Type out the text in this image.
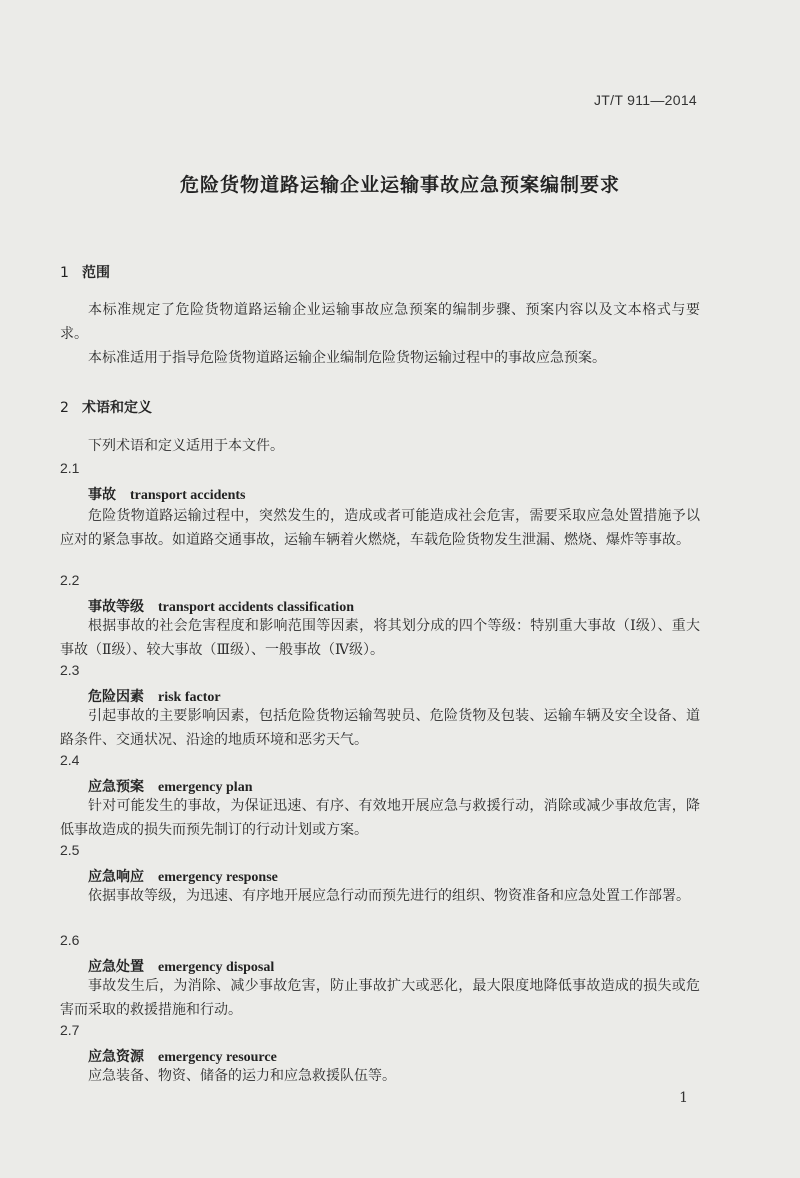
JT/T 911—2014
危险货物道路运输企业运输事故应急预案编制要求
1 范围

本标准规定了危险货物道路运输企业运输事故应急预案的编制步骤、预案内容以及文本格式与要求。

本标准适用于指导危险货物道路运输企业编制危险货物运输过程中的事故应急预案。

2 术语和定义

下列术语和定义适用于本文件。

2.1
事故 transport accidents

危险货物道路运输过程中，突然发生的，造成或者可能造成社会危害，需要采取应急处置措施予以应对的紧急事故。如道路交通事故，运输车辆着火燃烧，车载危险货物发生泄漏、燃烧、爆炸等事故。

2.2
事故等级 transport accidents classification

根据事故的社会危害程度和影响范围等因素，将其划分成的四个等级：特别重大事故（Ⅰ级）、重大事故（Ⅱ级）、较大事故（Ⅲ级）、一般事故（Ⅳ级）。

2.3
危险因素 risk factor

引起事故的主要影响因素，包括危险货物运输驾驶员、危险货物及包装、运输车辆及安全设备、道路条件、交通状况、沿途的地质环境和恶劣天气。

2.4
应急预案 emergency plan

针对可能发生的事故，为保证迅速、有序、有效地开展应急与救援行动，消除或减少事故危害，降低事故造成的损失而预先制订的行动计划或方案。

2.5
应急响应 emergency response

依据事故等级，为迅速、有序地开展应急行动而预先进行的组织、物资准备和应急处置工作部署。

2.6
应急处置 emergency disposal

事故发生后，为消除、减少事故危害，防止事故扩大或恶化，最大限度地降低事故造成的损失或危害而采取的救援措施和行动。

2.7
应急资源 emergency resource

应急装备、物资、储备的运力和应急救援队伍等。

1
